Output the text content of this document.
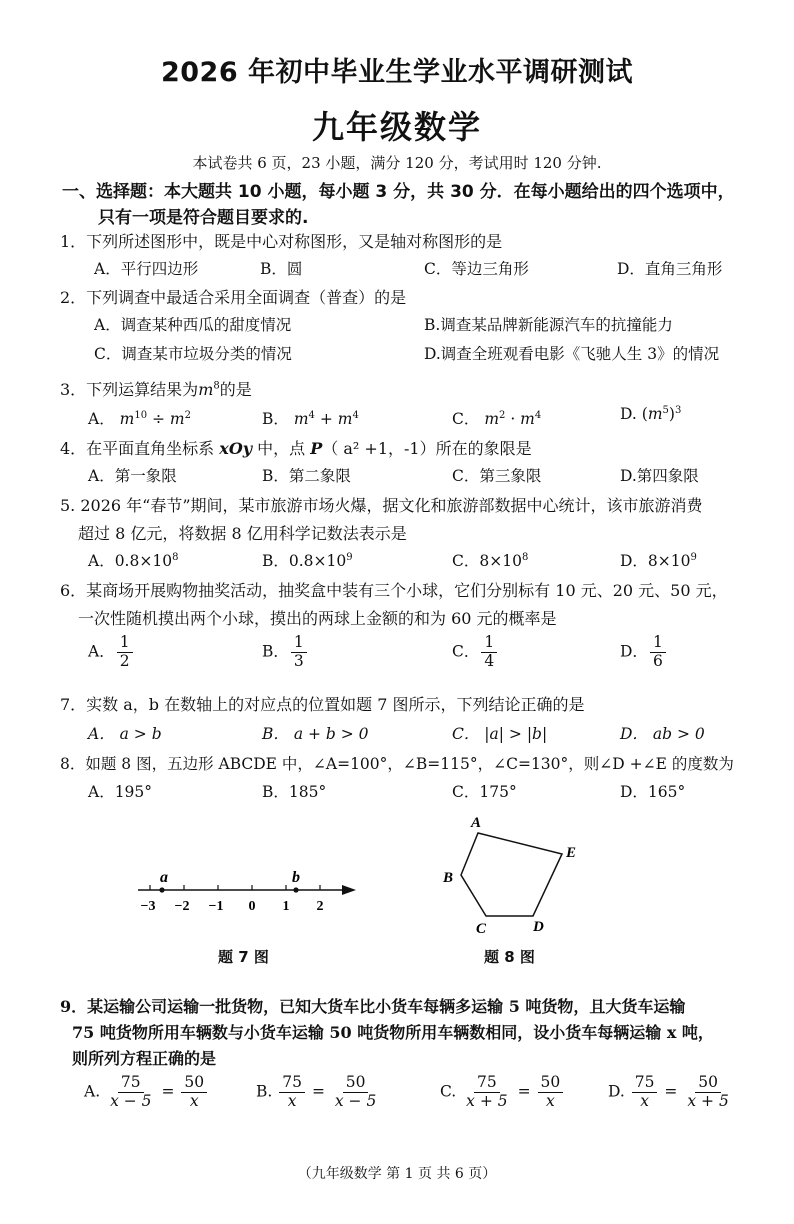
2026 年初中毕业生学业水平调研测试
九年级数学
本试卷共 6 页，23 小题，满分 120 分，考试用时 120 分钟.
一、选择题：本大题共 10 小题，每小题 3 分，共 30 分．在每小题给出的四个选项中，
只有一项是符合题目要求的.
1．下列所述图形中，既是中心对称图形，又是轴对称图形的是
A．平行四边形	B．圆	C．等边三角形	D．直角三角形
2．下列调查中最适合采用全面调查（普查）的是
A．调查某种西瓜的甜度情况	B.调查某品牌新能源汽车的抗撞能力
C．调查某市垃圾分类的情况	D.调查全班观看电影《飞驰人生 3》的情况
3．下列运算结果为$m^8$的是
A． $m^{10} \div m^2$	B． $m^4 + m^4$	C． $m^2 \cdot m^4$	D. $(m^5)^3$
4．在平面直角坐标系 xOy 中，点 P（ a² +1，-1）所在的象限是
A．第一象限	B．第二象限	C．第三象限	D.第四象限
5. 2026 年“春节”期间，某市旅游市场火爆，据文化和旅游部数据中心统计，该市旅游消费
超过 8 亿元，将数据 8 亿用科学记数法表示是
A．$0.8\times 10^8$	B．$0.8\times 10^9$	C．$8\times 10^8$	D．$8\times 10^9$
6．某商场开展购物抽奖活动，抽奖盒中装有三个小球，它们分别标有 10 元、20 元、50 元，
一次性随机摸出两个小球，摸出的两球上金额的和为 60 元的概率是
A． $\frac{1}{2}$	B． $\frac{1}{3}$	C． $\frac{1}{4}$	D． $\frac{1}{6}$
7．实数 a，b 在数轴上的对应点的位置如题 7 图所示，下列结论正确的是
A． a > b	B． a + b > 0	C． |a| > |b|	D． ab > 0
8．如题 8 图，五边形 ABCDE 中，∠A=100°，∠B=115°，∠C=130°，则∠D +∠E 的度数为
A．195°	B．185°	C．175°	D．165°
a	b
−3 −2 −1 0 1 2
题 7 图
A
B
C	D
E
题 8 图
9．某运输公司运输一批货物，已知大货车比小货车每辆多运输 5 吨货物，且大货车运输
75 吨货物所用车辆数与小货车运输 50 吨货物所用车辆数相同，设小货车每辆运输 x 吨，
则所列方程正确的是
A. $\frac{75}{x - 5} = \frac{50}{x}$	B. $\frac{75}{x} = \frac{50}{x - 5}$	C. $\frac{75}{x + 5} = \frac{50}{x}$	D. $\frac{75}{x} = \frac{50}{x + 5}$
（九年级数学 第 1 页 共 6 页）
